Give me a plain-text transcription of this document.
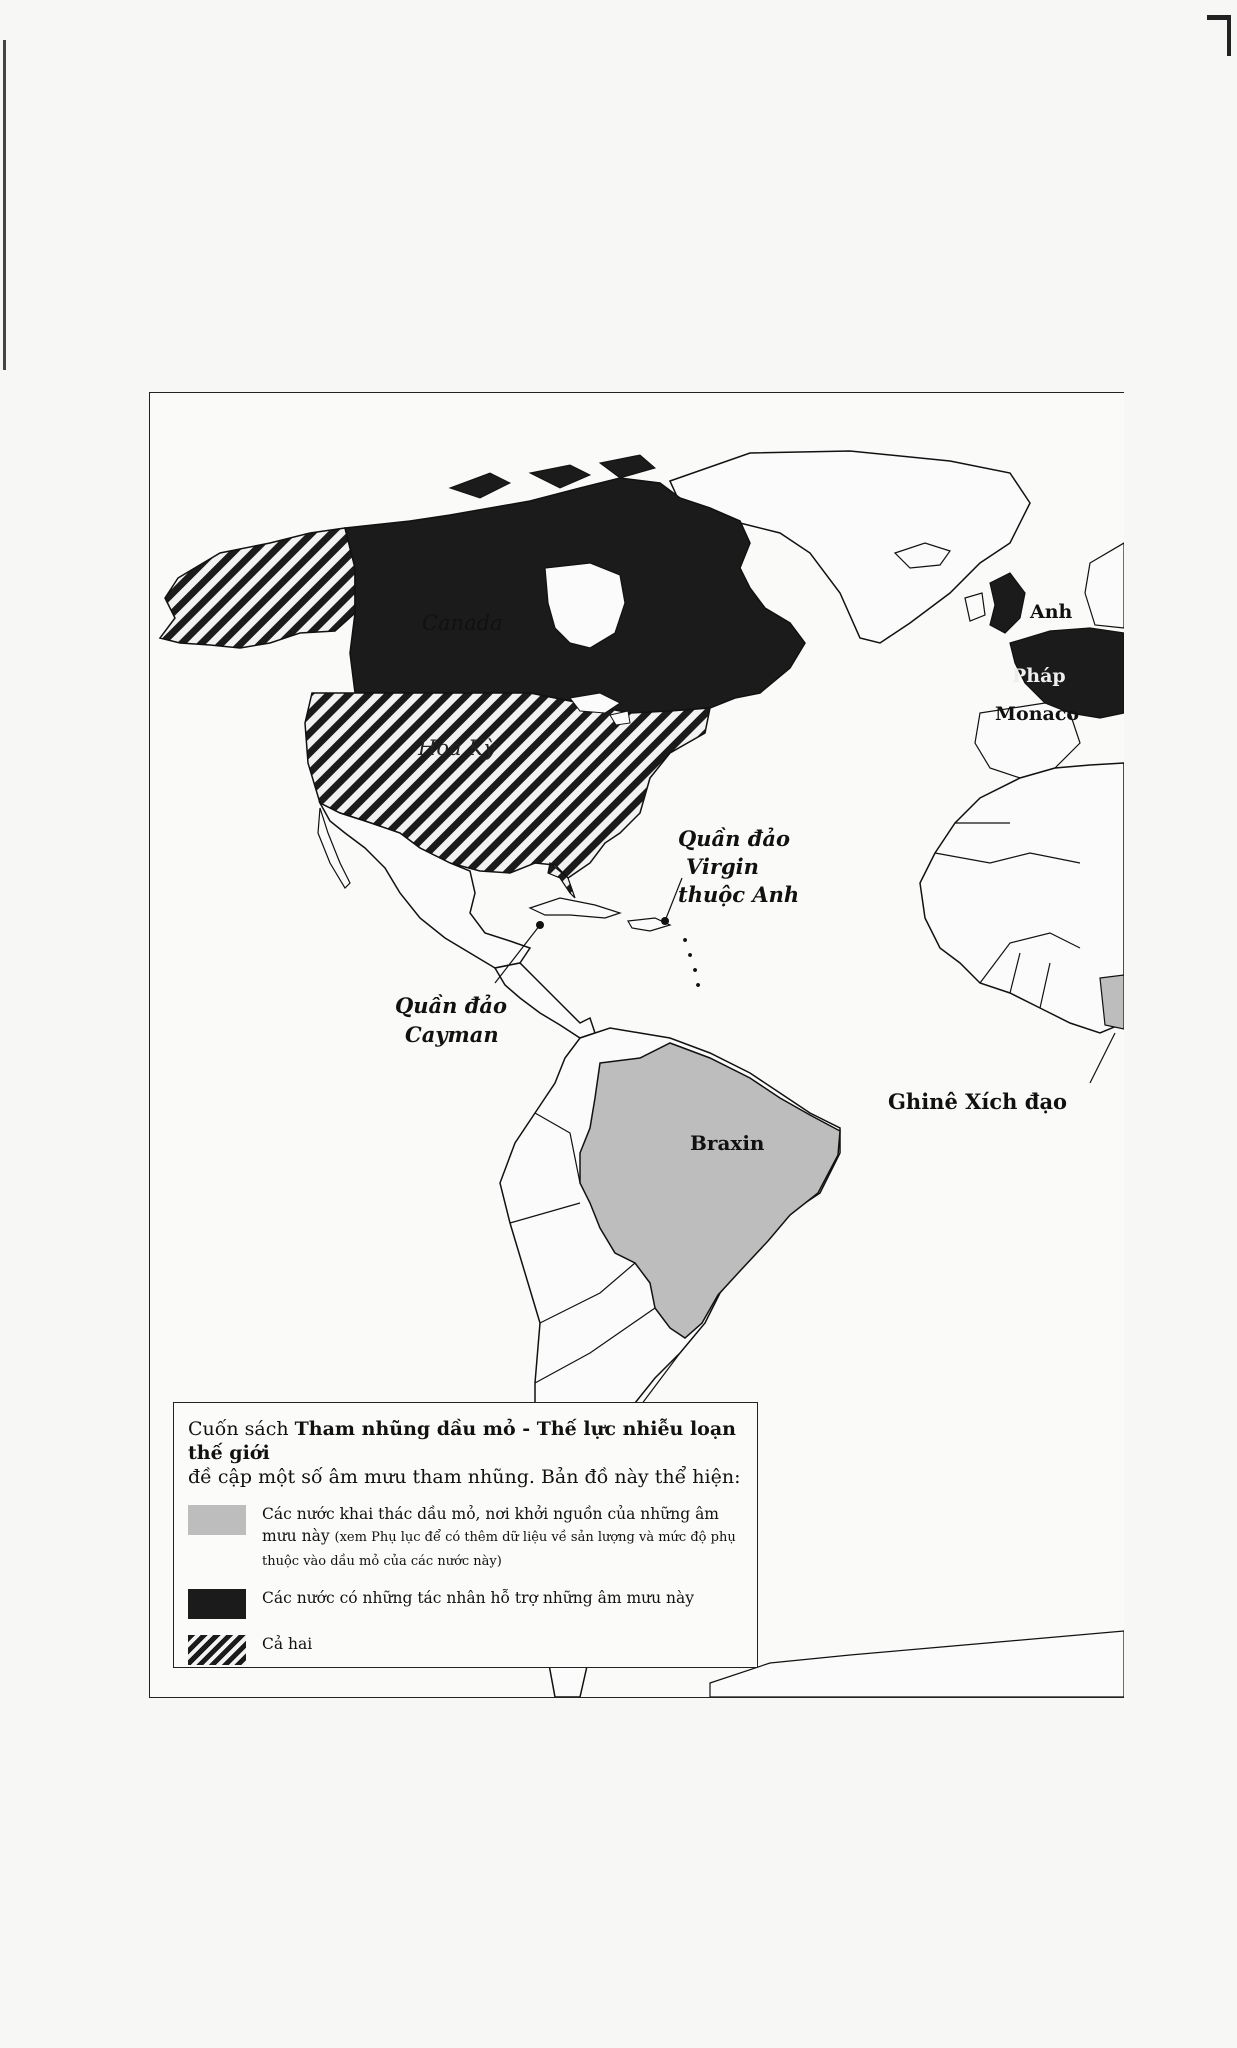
Canada
Hoa Kỳ
Quần đảo
Virgin
thuộc Anh
Quần đảo
Cayman
Braxin
Anh
Pháp
Monaco
Ghinê Xích đạo
Cuốn sách Tham nhũng dầu mỏ - Thế lực nhiễu loạn thế giới
đề cập một số âm mưu tham nhũng. Bản đồ này thể hiện:
Các nước khai thác dầu mỏ, nơi khởi nguồn của những âm mưu này (xem Phụ lục để có thêm dữ liệu về sản lượng và mức độ phụ thuộc vào dầu mỏ của các nước này)
Các nước có những tác nhân hỗ trợ những âm mưu này
Cả hai
